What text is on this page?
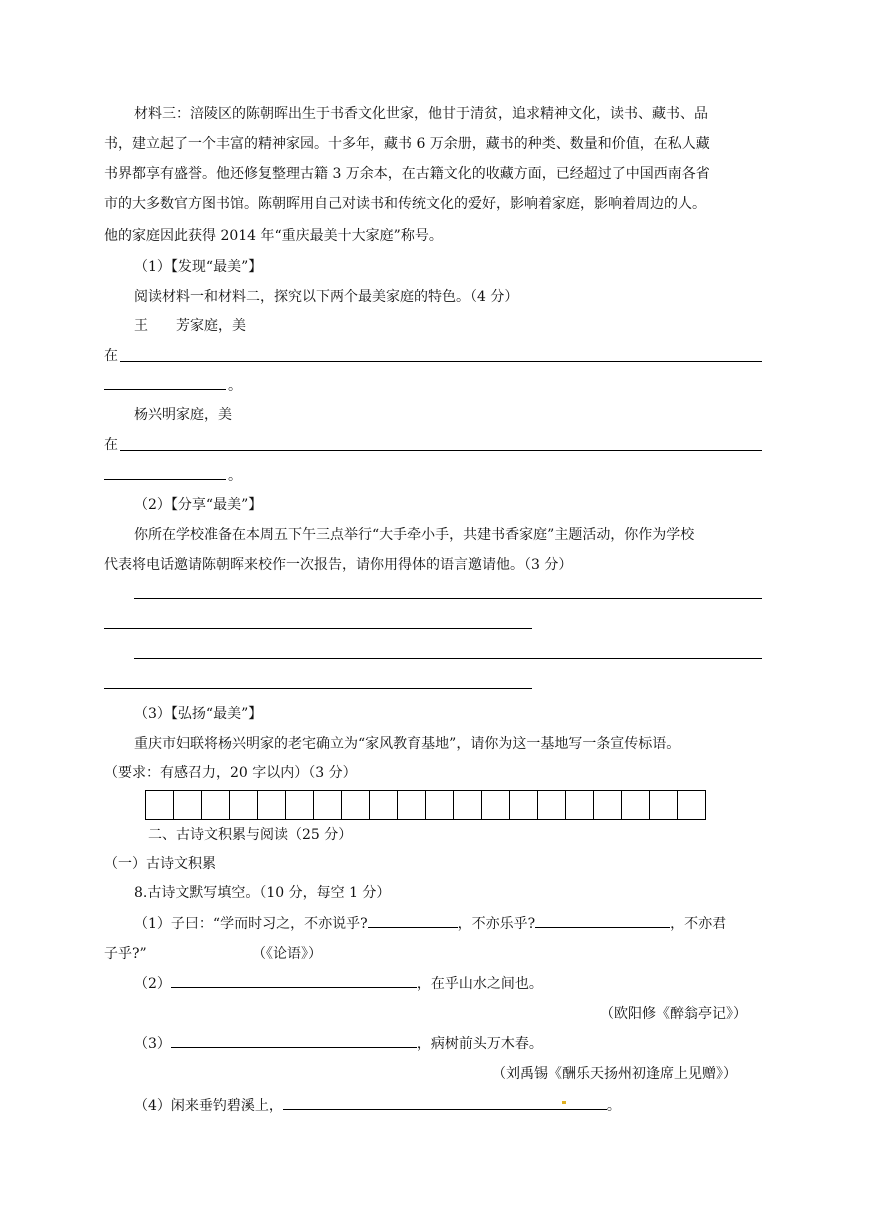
材料三：涪陵区的陈朝晖出生于书香文化世家，他甘于清贫，追求精神文化，读书、藏书、品
书，建立起了一个丰富的精神家园。十多年，藏书 6 万余册，藏书的种类、数量和价值，在私人藏
书界都享有盛誉。他还修复整理古籍 3 万余本，在古籍文化的收藏方面，已经超过了中国西南各省
市的大多数官方图书馆。陈朝晖用自己对读书和传统文化的爱好，影响着家庭，影响着周边的人。
他的家庭因此获得 2014 年“重庆最美十大家庭”称号。
（1）【发现“最美”】
阅读材料一和材料二，探究以下两个最美家庭的特色。（4 分）
王　　芳家庭，美
在
。
杨兴明家庭，美
在
。
（2）【分享“最美”】
你所在学校准备在本周五下午三点举行“大手牵小手，共建书香家庭”主题活动，你作为学校
代表将电话邀请陈朝晖来校作一次报告，请你用得体的语言邀请他。（3 分）
（3）【弘扬“最美”】
重庆市妇联将杨兴明家的老宅确立为“家风教育基地”，请你为这一基地写一条宣传标语。
（要求：有感召力，20 字以内）（3 分）
二、古诗文积累与阅读（25 分）
（一）古诗文积累
8.古诗文默写填空。（10 分，每空 1 分）
（1）子曰：“学而时习之，不亦说乎?	，不亦乐乎?	，不亦君
子乎?”	（《论语》）
（2）	，在乎山水之间也。
（欧阳修《醉翁亭记》）
（3）	，病树前头万木春。
（刘禹锡《酬乐天扬州初逢席上见赠》）
（4）闲来垂钓碧溪上，	。
